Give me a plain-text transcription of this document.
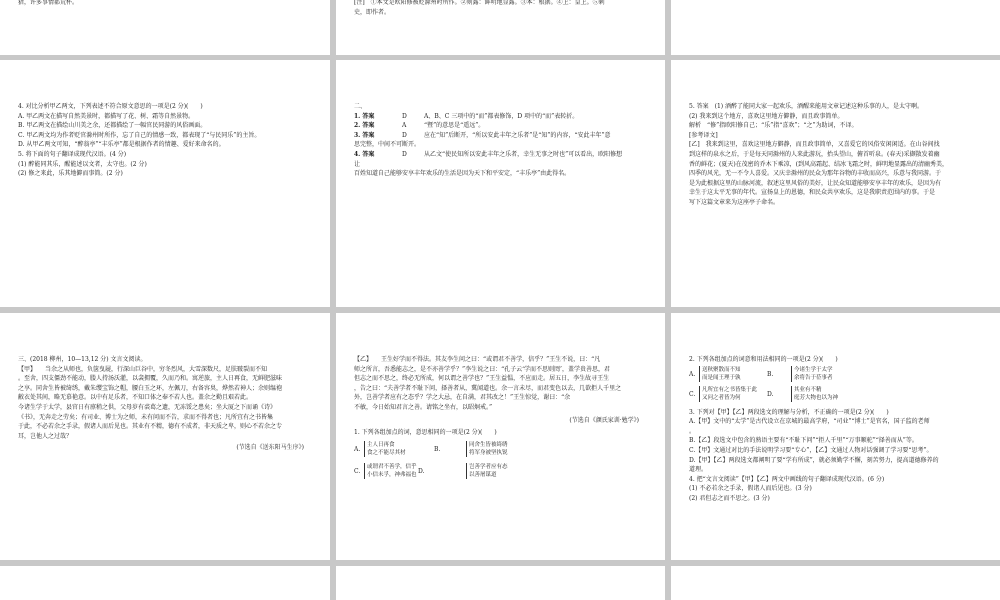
猎，许多事情都荒杯。	[注]　①本文是欧阳修被贬滁州时所作。②则露：鲜明地显露。③本：根据。④上：皇上。⑤刺

史，即作者。

4. 对比分析甲乙两文，下列表述不符合原文意思的一项是(2 分)(　　)

A. 甲乙两文在描写自然美景时，都描写了花、树、霜等自然景物。

B. 甲乙两文在描绘山川美之余，还都描绘了一幅官民同游的风俗画面。

C. 甲乙两文均为作者贬官滁州时所作，忘了自己的情感一致，都表现了“与民同乐”的主旨。

D. 从甲乙两文可知，“醉翁亭”“丰乐亭”都是根据作者的情趣、爱好来命名的。

5. 将下面的句子翻译成现代汉语。(4 分)

(1) 醉能同其乐，醒能述以文者，太守也。(2 分)

(2) 修之来此，乐其地僻而事简。(2 分)

二、

1. 答案	D	A、B、C 三项中的“而”都表修饰，D 项中的“而”表转折。
2. 答案	A	“暨”的意思是“遥远”。
3. 答案	D	应在“知”后断开，“所以安此丰年之乐者”是“知”的内容，“安此丰年”意

思完整，中间不可断开。

4. 答案	D	从乙文“使民知所以安此丰年之乐者，幸生无事之时也”可以看出，欧阳修想

让

百姓知道自己能够安享丰年欢乐的生活是因为天下和平安定，“丰乐亭”由此得名。

5. 答案　(1) 酒醉了能同大家一起欢乐，酒醒来能用文章记述这种乐事的人，是太守啊。

(2) 我来到这个地方，喜欢这里地方僻静，而且政事简单。

解析　“修”指欧阳修自己；“乐”指“喜欢”；“之”为助词，不译。

[参考译文]

[乙]　我来到这里，喜欢这里地方僻静，而且政事简单，又喜爱它的风俗安闲闲适。在山谷间找

到这样的泉水之后，于是每天同滁州的人来此游玩，抬头望山，俯首听泉。(春天)采撷散发着幽

香的鲜花；(夏天)在茂密的乔木下乘凉，(到风高霜起、结冰飞霜之时，鲜明地显露出的清幽秀美，

四季的风光，无一不令人喜爱。又庆幸滁州的民众为那年谷物的丰收而高兴，乐意与我同游。于

是为此根据这里的山脉河流，叙述这里风俗的美好，让民众知道能够安享丰年的欢乐，是因为有

幸生于这太平无事的年代。宣扬皇上的恩德，和民众共享欢乐，这是我职责范围内的事。于是

写下这篇文章来为这座亭子命名。

三、(2018 柳州，10—13,12 分) 文言文阅读。

【甲】　　当余之从师也，负箧曳屣，行深山巨谷中，穷冬烈风，大雪深数尺，足肤皲裂而不知

。至舍，四支僵劲不能动，媵人持汤沃灌，以衾拥覆，久而乃和。寓逆旅，主人日再食，无鲜肥滋味

之享。同舍生皆被绮绣，戴朱缨宝饰之帽，腰白玉之环，左佩刀，右备容臭，烨然若神人；余则缊袍

敝衣处其间，略无慕艳意。以中有足乐者，不知口体之奉不若人也。盖余之勤且艰若此。

今诸生学于太学，县官日有廪稍之供，父母岁有裘葛之遗，无冻馁之患矣；坐大厦之下而诵《诗》

《书》，无奔走之劳矣；有司业、博士为之师，未有问而不告，求而不得者也；凡所宜有之书皆集

于此，不必若余之手录，假诸人而后见也。其业有不精，德有不成者，非天质之卑，则心不若余之专

耳，岂他人之过哉？

(节选自《送东阳马生序》)

【乙】　　王生好学而不得法。其友李生问之曰：“或谓君不善学，信乎？”王生不说，曰：“凡

师之所言，吾悉能志之，是不亦善学乎？”李生说之曰：“孔子云‘学而不思则罔’，盖学贵善思，君

但志之而不思之，终必无所成，何以谓之善学也？”王生益愠，不应而走。居五日，李生故寻王生

，告之曰：“夫善学者不耻下问，择善者从，冀闻道也。余一言未尽，而君变色以去，几欲拒人千里之

外，岂善学者应有之态乎？学之大忌，在自满，君其改之！”王生惊觉，谢曰：“余

不敏，今日始知君言之善。请铭之坐右，以昭炯戒。”

(节选自《颜氏家训·勉学》)

1. 下列各组加点的词，意思相同的一项是(2 分)(　　)

A.
主人日再食
食之不能尽其材	B.
同舍生皆被绮绣
将军身被坚执锐
C.
或谓君不善学，信乎
小信未孚，神弗福也 D.
岂善学者应有态
以善屠谋道

2. 下列各组加点的词意和用法相同的一项是(2 分)(　　)

A.
送秋聚散而不知
而是闻王理于孰	B.
今诸生学于太学
余将告于莅事者
C.
凡所宜有之书皆集于此
又问之者皆为何	D.
其业有不精
庭芳大物也以为神

3. 下列对【甲】【乙】两段选文的理解与分析，不正确的一项是(2 分)(　　)

A.【甲】文中的“太学”是古代设立在京城的最高学府，“司业”“博士”是官名，国子监的老师

。

B.【乙】段选文中包含的熟语主要有“不耻下问”“拒人千里”“万事顺驼”“择善而从”等。

C.【甲】文通过对比的手法说明学习要“专心”，【乙】文通过人物对话强调了学习要“思考”。

D.【甲】【乙】两段选文都阐明了要“学有所成”，就必须勤学不懈，刻苦努力，提高道德修养的

道理。

4. 把“文言文阅读”【甲】【乙】两文中画线的句子翻译成现代汉语。(6 分)

(1) 不必若余之手录，假诸人而后见也。(3 分)

(2) 君但志之而不思之。(3 分)
